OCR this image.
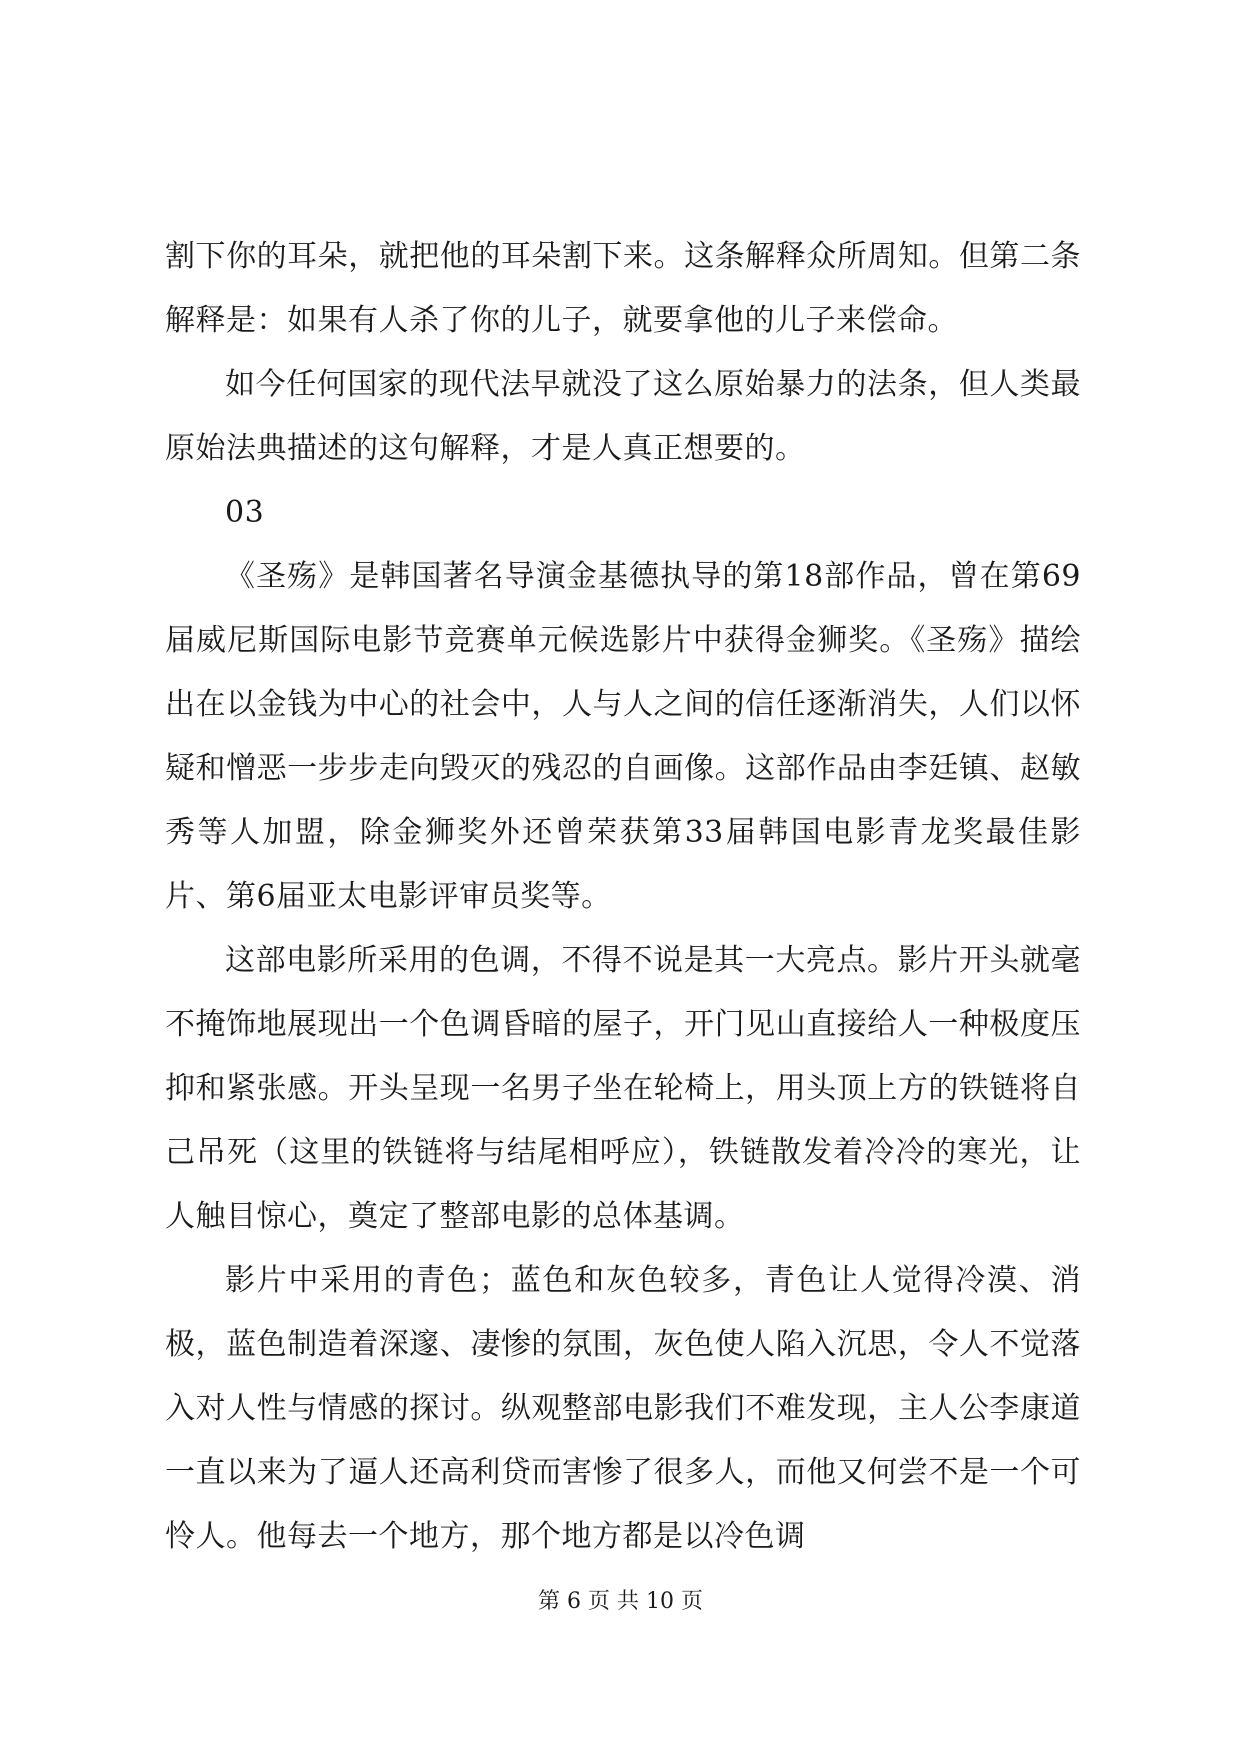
割下你的耳朵，就把他的耳朵割下来。这条解释众所周知。但第二条解释是：如果有人杀了你的儿子，就要拿他的儿子来偿命。

如今任何国家的现代法早就没了这么原始暴力的法条，但人类最原始法典描述的这句解释，才是人真正想要的。

03

《圣殇》是韩国著名导演金基德执导的第18部作品，曾在第69届威尼斯国际电影节竞赛单元候选影片中获得金狮奖。《圣殇》描绘出在以金钱为中心的社会中，人与人之间的信任逐渐消失，人们以怀疑和憎恶一步步走向毁灭的残忍的自画像。这部作品由李廷镇、赵敏秀等人加盟，除金狮奖外还曾荣获第33届韩国电影青龙奖最佳影片、第6届亚太电影评审员奖等。

这部电影所采用的色调，不得不说是其一大亮点。影片开头就毫不掩饰地展现出一个色调昏暗的屋子，开门见山直接给人一种极度压抑和紧张感。开头呈现一名男子坐在轮椅上，用头顶上方的铁链将自己吊死（这里的铁链将与结尾相呼应），铁链散发着冷冷的寒光，让人触目惊心，奠定了整部电影的总体基调。

影片中采用的青色；蓝色和灰色较多，青色让人觉得冷漠、消极，蓝色制造着深邃、凄惨的氛围，灰色使人陷入沉思，令人不觉落入对人性与情感的探讨。纵观整部电影我们不难发现，主人公李康道一直以来为了逼人还高利贷而害惨了很多人，而他又何尝不是一个可怜人。他每去一个地方，那个地方都是以冷色调

第 6 页 共 10 页
